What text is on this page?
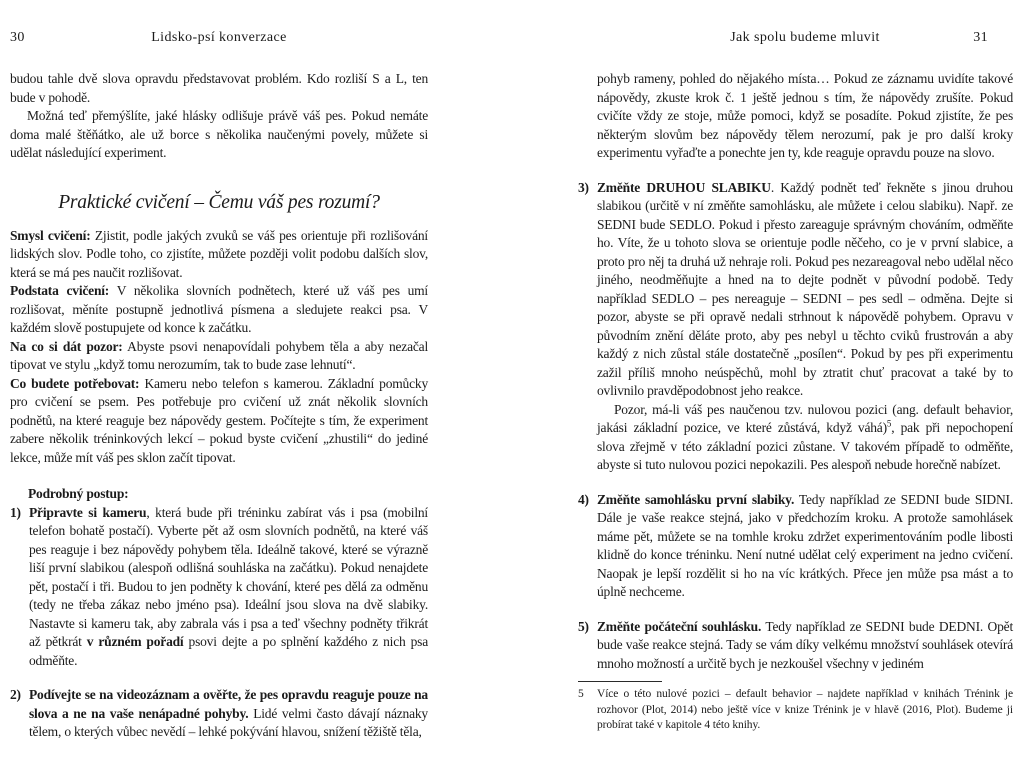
30	Lidsko-psí konverzace

budou tahle dvě slova opravdu představovat problém. Kdo rozliší S a L, ten bude v pohodě.

Možná teď přemýšlíte, jaké hlásky odlišuje právě váš pes. Pokud nemáte doma malé štěňátko, ale už borce s několika naučenými povely, můžete si udělat následující experiment.

Praktické cvičení – Čemu váš pes rozumí?

Smysl cvičení: Zjistit, podle jakých zvuků se váš pes orientuje při rozlišování lidských slov. Podle toho, co zjistíte, můžete později volit podobu dalších slov, která se má pes naučit rozlišovat.

Podstata cvičení: V několika slovních podnětech, které už váš pes umí rozlišovat, měníte postupně jednotlivá písmena a sledujete reakci psa. V každém slově postupujete od konce k začátku.

Na co si dát pozor: Abyste psovi nenapovídali pohybem těla a aby nezačal tipovat ve stylu „když tomu nerozumím, tak to bude zase lehnutí“.

Co budete potřebovat: Kameru nebo telefon s kamerou. Základní pomůcky pro cvičení se psem. Pes potřebuje pro cvičení už znát několik slovních podnětů, na které reaguje bez nápovědy gestem. Počítejte s tím, že experiment zabere několik tréninkových lekcí – pokud byste cvičení „zhustili“ do jediné lekce, může mít váš pes sklon začít tipovat.

Podrobný postup:

1) Připravte si kameru, která bude při tréninku zabírat vás i psa (mobilní telefon bohatě postačí). Vyberte pět až osm slovních podnětů, na které váš pes reaguje i bez nápovědy pohybem těla. Ideálně takové, které se výrazně liší první slabikou (alespoň odlišná souhláska na začátku). Pokud nenajdete pět, postačí i tři. Budou to jen podněty k chování, které pes dělá za odměnu (tedy ne třeba zákaz nebo jméno psa). Ideální jsou slova na dvě slabiky. Nastavte si kameru tak, aby zabrala vás i psa a teď všechny podněty třikrát až pětkrát v různém pořadí psovi dejte a po splnění každého z nich psa odměňte.
2) Podívejte se na videozáznam a ověřte, že pes opravdu reaguje pouze na slova a ne na vaše nenápadné pohyby. Lidé velmi často dávají náznaky tělem, o kterých vůbec nevědí – lehké pokývání hlavou, snížení těžiště těla,
31
Jak spolu budeme mluvit

pohyb rameny, pohled do nějakého místa… Pokud ze záznamu uvidíte takové nápovědy, zkuste krok č. 1 ještě jednou s tím, že nápovědy zrušíte. Pokud cvičíte vždy ze stoje, může pomoci, když se posadíte. Pokud zjistíte, že pes některým slovům bez nápovědy tělem nerozumí, pak je pro další kroky experimentu vyřaďte a ponechte jen ty, kde reaguje opravdu pouze na slovo.

3) Změňte DRUHOU SLABIKU. Každý podnět teď řekněte s jinou druhou slabikou (určitě v ní změňte samohlásku, ale můžete i celou slabiku). Např. ze SEDNI bude SEDLO. Pokud i přesto zareaguje správným chováním, odměňte ho. Víte, že u tohoto slova se orientuje podle něčeho, co je v první slabice, a proto pro něj ta druhá už nehraje roli. Pokud pes nezareagoval nebo udělal něco jiného, neodměňujte a hned na to dejte podnět v původní podobě. Tedy například SEDLO – pes nereaguje – SEDNI – pes sedl – odměna. Dejte si pozor, abyste se při opravě nedali strhnout k nápovědě pohybem. Opravu v původním znění děláte proto, aby pes nebyl u těchto cviků frustrován a aby každý z nich zůstal stále dostatečně „posílen“. Pokud by pes při experimentu zažil příliš mnoho neúspěchů, mohl by ztratit chuť pracovat a také by to ovlivnilo pravděpodobnost jeho reakce.

Pozor, má-li váš pes naučenou tzv. nulovou pozici (ang. default behavior, jakási základní pozice, ve které zůstává, když váhá)$^5$, pak při nepochopení slova zřejmě v této základní pozici zůstane. V takovém případě to odměňte, abyste si tuto nulovou pozici nepokazili. Pes alespoň nebude horečně nabízet.

4) Změňte samohlásku první slabiky. Tedy například ze SEDNI bude SIDNI. Dále je vaše reakce stejná, jako v předchozím kroku. A protože samohlásek máme pět, můžete se na tomhle kroku zdržet experimentováním podle libosti klidně do konce tréninku. Není nutné udělat celý experiment na jedno cvičení. Naopak je lepší rozdělit si ho na víc krátkých. Přece jen může psa mást a to úplně nechceme.
5) Změňte počáteční souhlásku. Tedy například ze SEDNI bude DEDNI. Opět bude vaše reakce stejná. Tady se vám díky velkému množství souhlásek otevírá mnoho možností a určitě bych je nezkoušel všechny v jediném
5	Více o této nulové pozici – default behavior – najdete například v knihách Trénink je rozhovor (Plot, 2014) nebo ještě více v knize Trénink je v hlavě (2016, Plot). Budeme ji probírat také v kapitole 4 této knihy.
